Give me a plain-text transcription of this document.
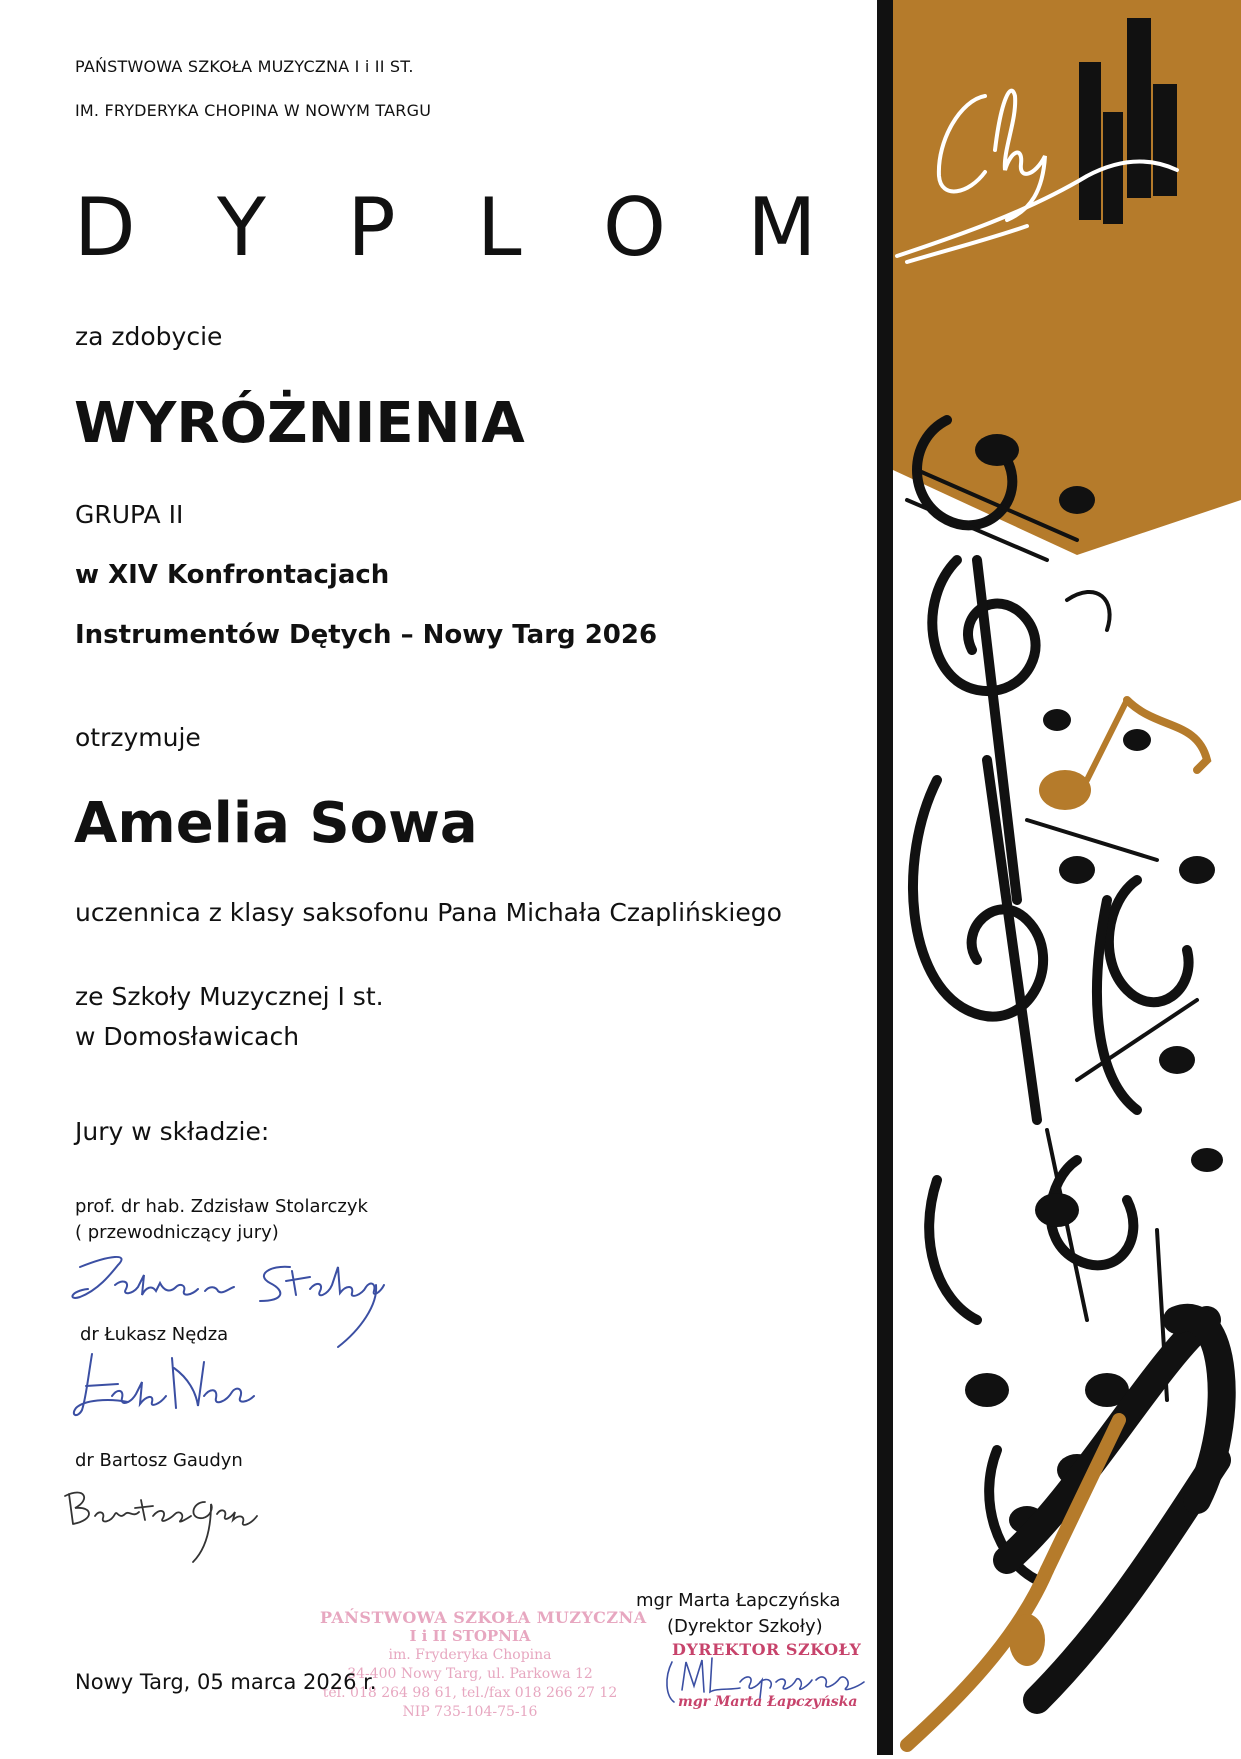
PAŃSTWOWA SZKOŁA MUZYCZNA I i II ST.
IM. FRYDERYKA CHOPINA W NOWYM TARGU
D Y P L O M
za zdobycie
WYRÓŻNIENIA
GRUPA II
w XIV Konfrontacjach
Instrumentów Dętych – Nowy Targ 2026
otrzymuje
Amelia Sowa
uczennica z klasy saksofonu Pana Michała Czaplińskiego
ze Szkoły Muzycznej I st.
w Domosławicach
Jury w składzie:
prof. dr hab. Zdzisław Stolarczyk
( przewodniczący jury)
dr Łukasz Nędza
dr Bartosz Gaudyn
mgr Marta Łapczyńska
(Dyrektor Szkoły)
PAŃSTWOWA SZKOŁA MUZYCZNA
I i II STOPNIA
im. Fryderyka Chopina
34-400 Nowy Targ, ul. Parkowa 12
tel. 018 264 98 61, tel./fax 018 266 27 12
NIP 735-104-75-16
Nowy Targ, 05 marca 2026 r.
DYREKTOR SZKOŁY
mgr Marta Łapczyńska
